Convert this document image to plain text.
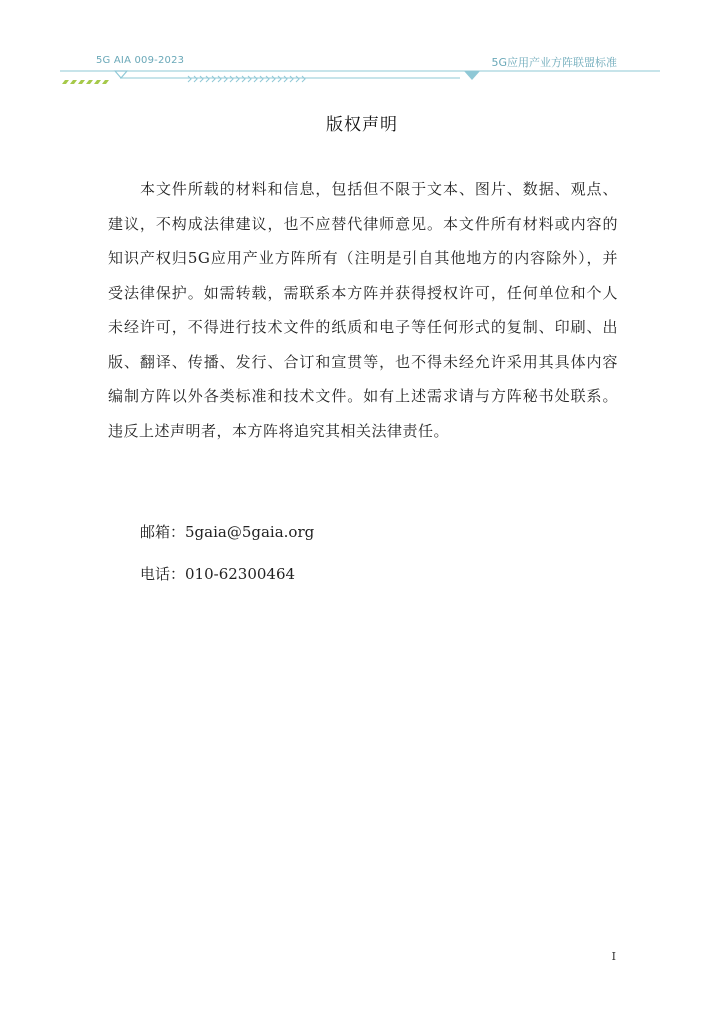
5G AIA 009-2023	5G应用产业方阵联盟标准
版权声明

本文件所载的材料和信息，包括但不限于文本、图片、数据、观点、建议，不构成法律建议，也不应替代律师意见。本文件所有材料或内容的知识产权归5G应用产业方阵所有（注明是引自其他地方的内容除外），并受法律保护。如需转载，需联系本方阵并获得授权许可，任何单位和个人未经许可，不得进行技术文件的纸质和电子等任何形式的复制、印刷、出版、翻译、传播、发行、合订和宣贯等，也不得未经允许采用其具体内容编制方阵以外各类标准和技术文件。如有上述需求请与方阵秘书处联系。违反上述声明者，本方阵将追究其相关法律责任。

邮箱：5gaia@5gaia.org
电话：010-62300464
I
